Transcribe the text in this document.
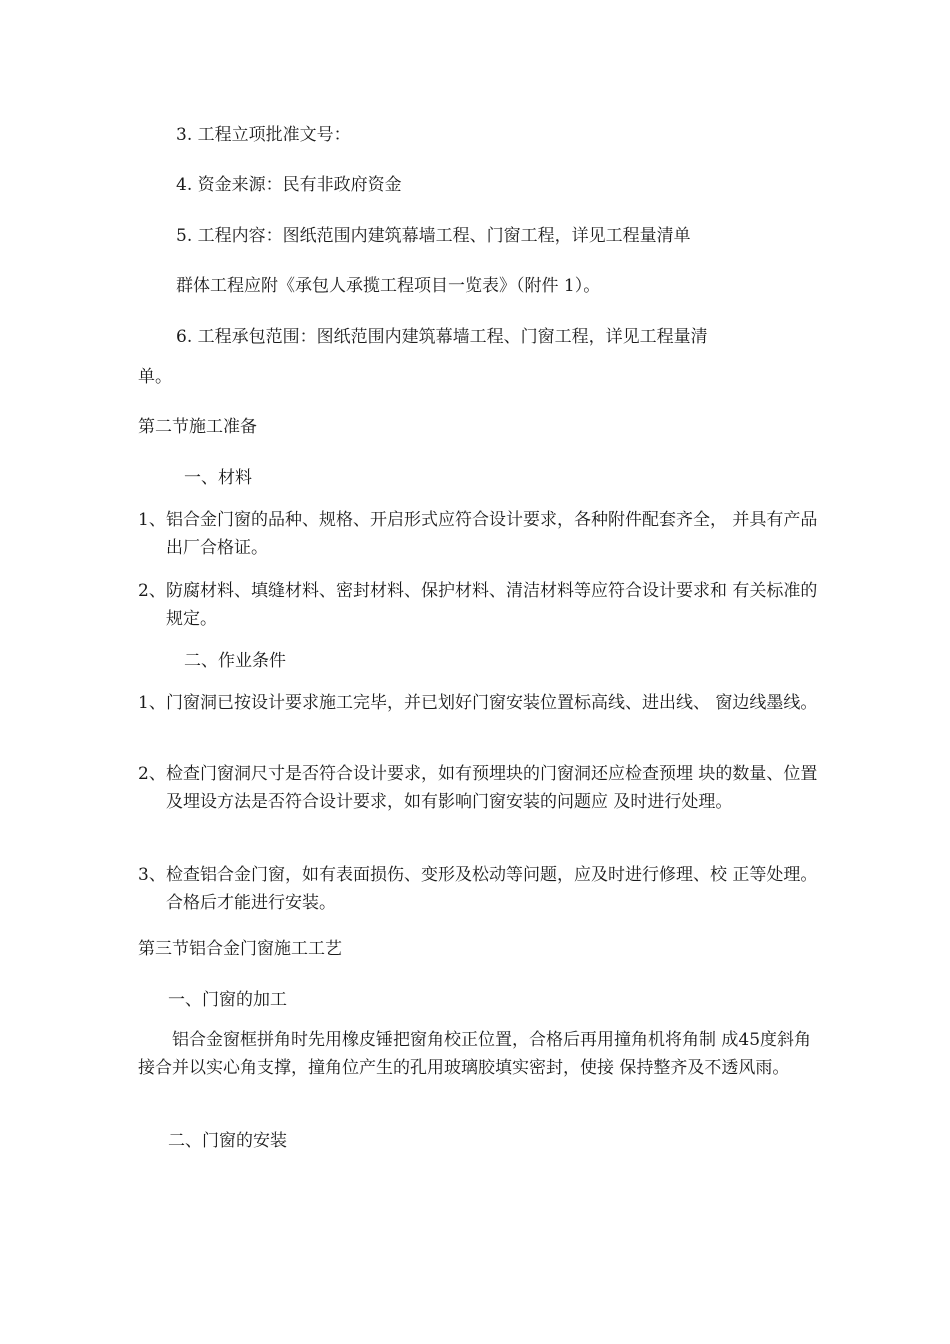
3. 工程立项批准文号：
4. 资金来源：民有非政府资金
5. 工程内容：图纸范围内建筑幕墙工程、门窗工程，详见工程量清单
群体工程应附《承包人承揽工程项目一览表》（附件 1）。
6. 工程承包范围：图纸范围内建筑幕墙工程、门窗工程，详见工程量清
单。
第二节施工准备
一、材料
1、 铝合金门窗的品种、规格、开启形式应符合设计要求，各种附件配套齐全， 并具有产品出厂合格证。
2、 防腐材料、填缝材料、密封材料、保护材料、清洁材料等应符合设计要求和 有关标准的规定。
二、作业条件
1、 门窗洞已按设计要求施工完毕，并已划好门窗安装位置标高线、进出线、 窗边线墨线。
2、 检查门窗洞尺寸是否符合设计要求，如有预埋块的门窗洞还应检查预埋 块的数量、位置及埋设方法是否符合设计要求，如有影响门窗安装的问题应 及时进行处理。
3、 检查铝合金门窗，如有表面损伤、变形及松动等问题，应及时进行修理、校 正等处理。合格后才能进行安装。
第三节铝合金门窗施工工艺
一、门窗的加工
铝合金窗框拼角时先用橡皮锤把窗角校正位置，合格后再用撞角机将角制 成45度斜角接合并以实心角支撑，撞角位产生的孔用玻璃胶填实密封，使接 保持整齐及不透风雨。
二、门窗的安装
